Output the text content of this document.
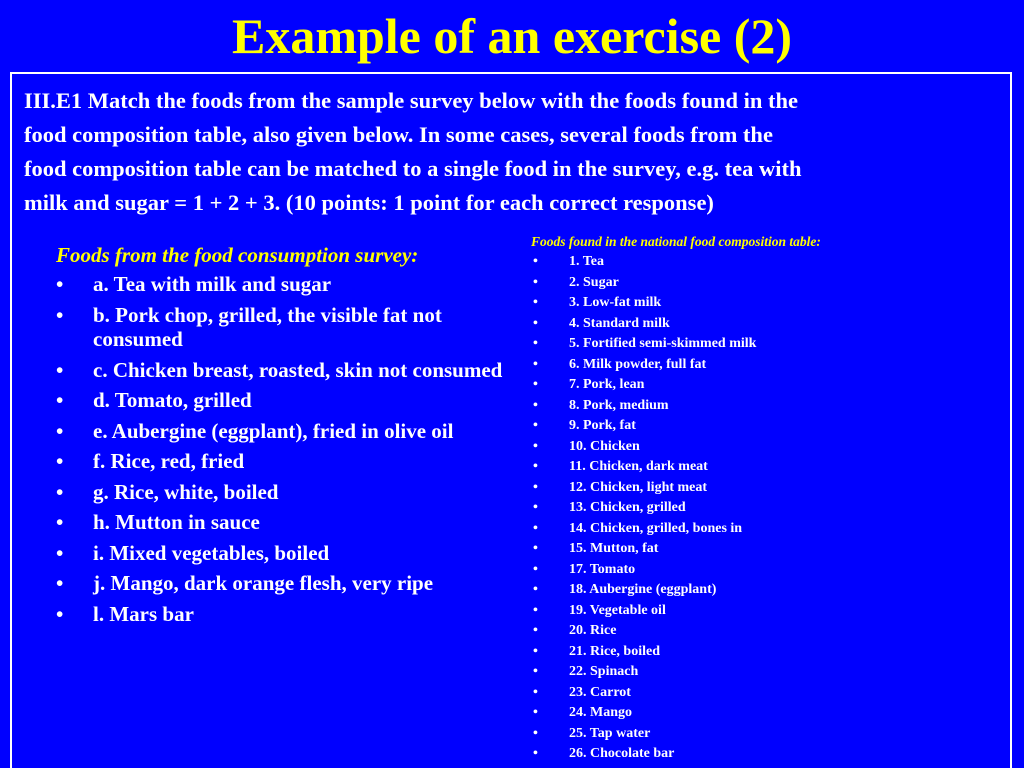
Example of an exercise (2)
III.E1 Match the foods from the sample survey below with the foods found in the
food composition table, also given below. In some cases, several foods from the
food composition table can be matched to a single food in the survey, e.g. tea with
milk and sugar = 1 + 2 + 3. (10 points: 1 point for each correct response)
Foods from the food consumption survey:
• a. Tea with milk and sugar
• b. Pork chop, grilled, the visible fat not consumed
• c. Chicken breast, roasted, skin not consumed
• d. Tomato, grilled
• e. Aubergine (eggplant), fried in olive oil
• f. Rice, red, fried
• g. Rice, white, boiled
• h. Mutton in sauce
• i. Mixed vegetables, boiled
• j. Mango, dark orange flesh, very ripe
• l. Mars bar
Foods found in the national food composition table:
• 1. Tea
• 2. Sugar
• 3. Low-fat milk
• 4. Standard milk
• 5. Fortified semi-skimmed milk
• 6. Milk powder, full fat
• 7. Pork, lean
• 8. Pork, medium
• 9. Pork, fat
• 10. Chicken
• 11. Chicken, dark meat
• 12. Chicken, light meat
• 13. Chicken, grilled
• 14. Chicken, grilled, bones in
• 15. Mutton, fat
• 17. Tomato
• 18. Aubergine (eggplant)
• 19. Vegetable oil
• 20. Rice
• 21. Rice, boiled
• 22. Spinach
• 23. Carrot
• 24. Mango
• 25. Tap water
• 26. Chocolate bar
